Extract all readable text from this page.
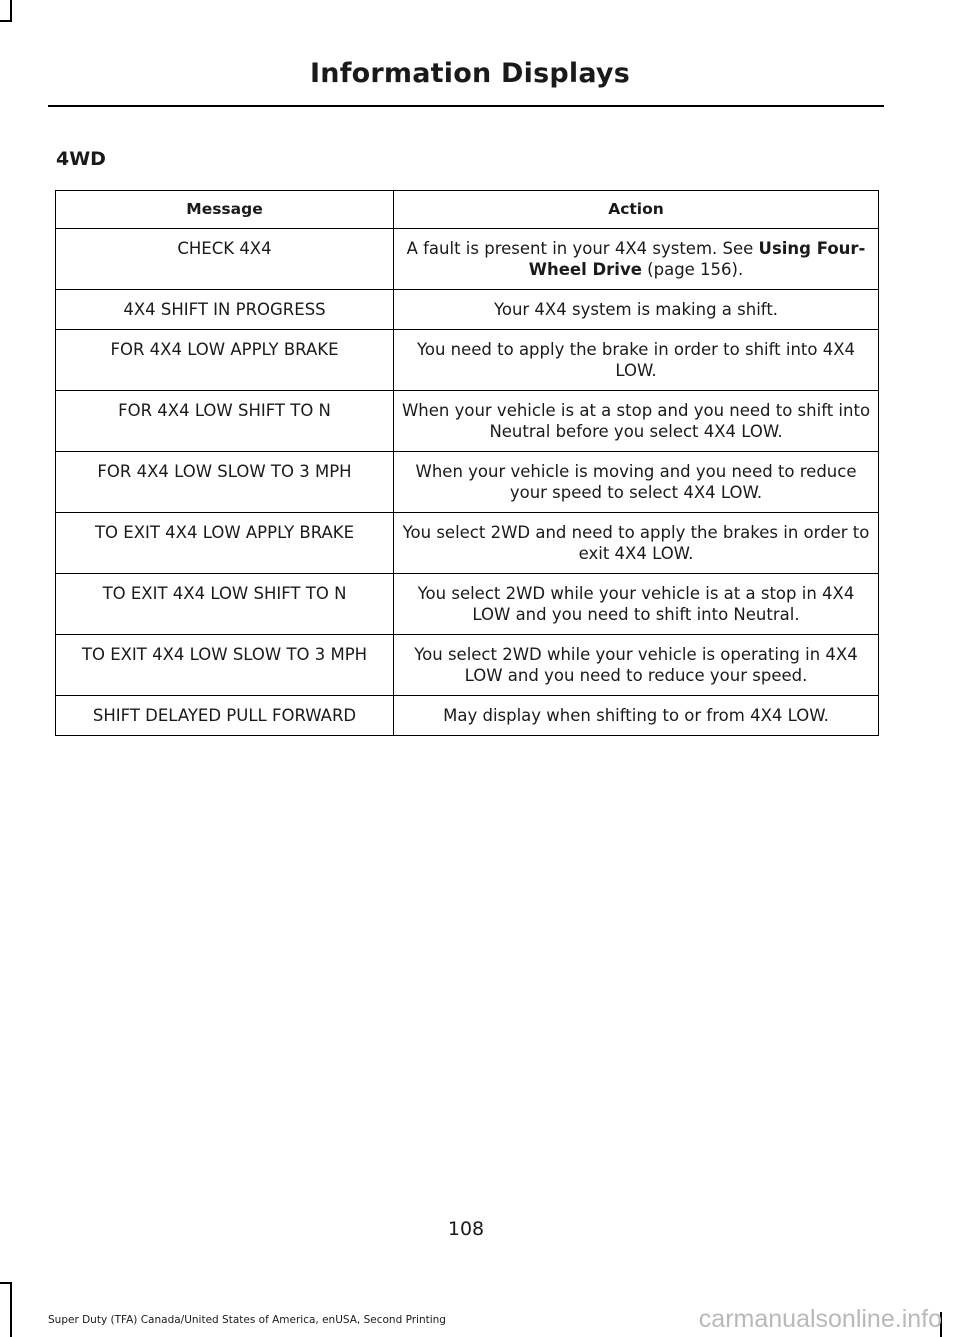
Information Displays
4WD
Message	Action
CHECK 4X4	A fault is present in your 4X4 system. See Using Four-Wheel Drive (page 156).
4X4 SHIFT IN PROGRESS	Your 4X4 system is making a shift.
FOR 4X4 LOW APPLY BRAKE	You need to apply the brake in order to shift into 4X4 LOW.
FOR 4X4 LOW SHIFT TO N	When your vehicle is at a stop and you need to shift into Neutral before you select 4X4 LOW.
FOR 4X4 LOW SLOW TO 3 MPH	When your vehicle is moving and you need to reduce your speed to select 4X4 LOW.
TO EXIT 4X4 LOW APPLY BRAKE	You select 2WD and need to apply the brakes in order to exit 4X4 LOW.
TO EXIT 4X4 LOW SHIFT TO N	You select 2WD while your vehicle is at a stop in 4X4 LOW and you need to shift into Neutral.
TO EXIT 4X4 LOW SLOW TO 3 MPH	You select 2WD while your vehicle is operating in 4X4 LOW and you need to reduce your speed.
SHIFT DELAYED PULL FORWARD	May display when shifting to or from 4X4 LOW.
108
Super Duty (TFA) Canada/United States of America, enUSA, Second Printing	carmanualsonline.info
